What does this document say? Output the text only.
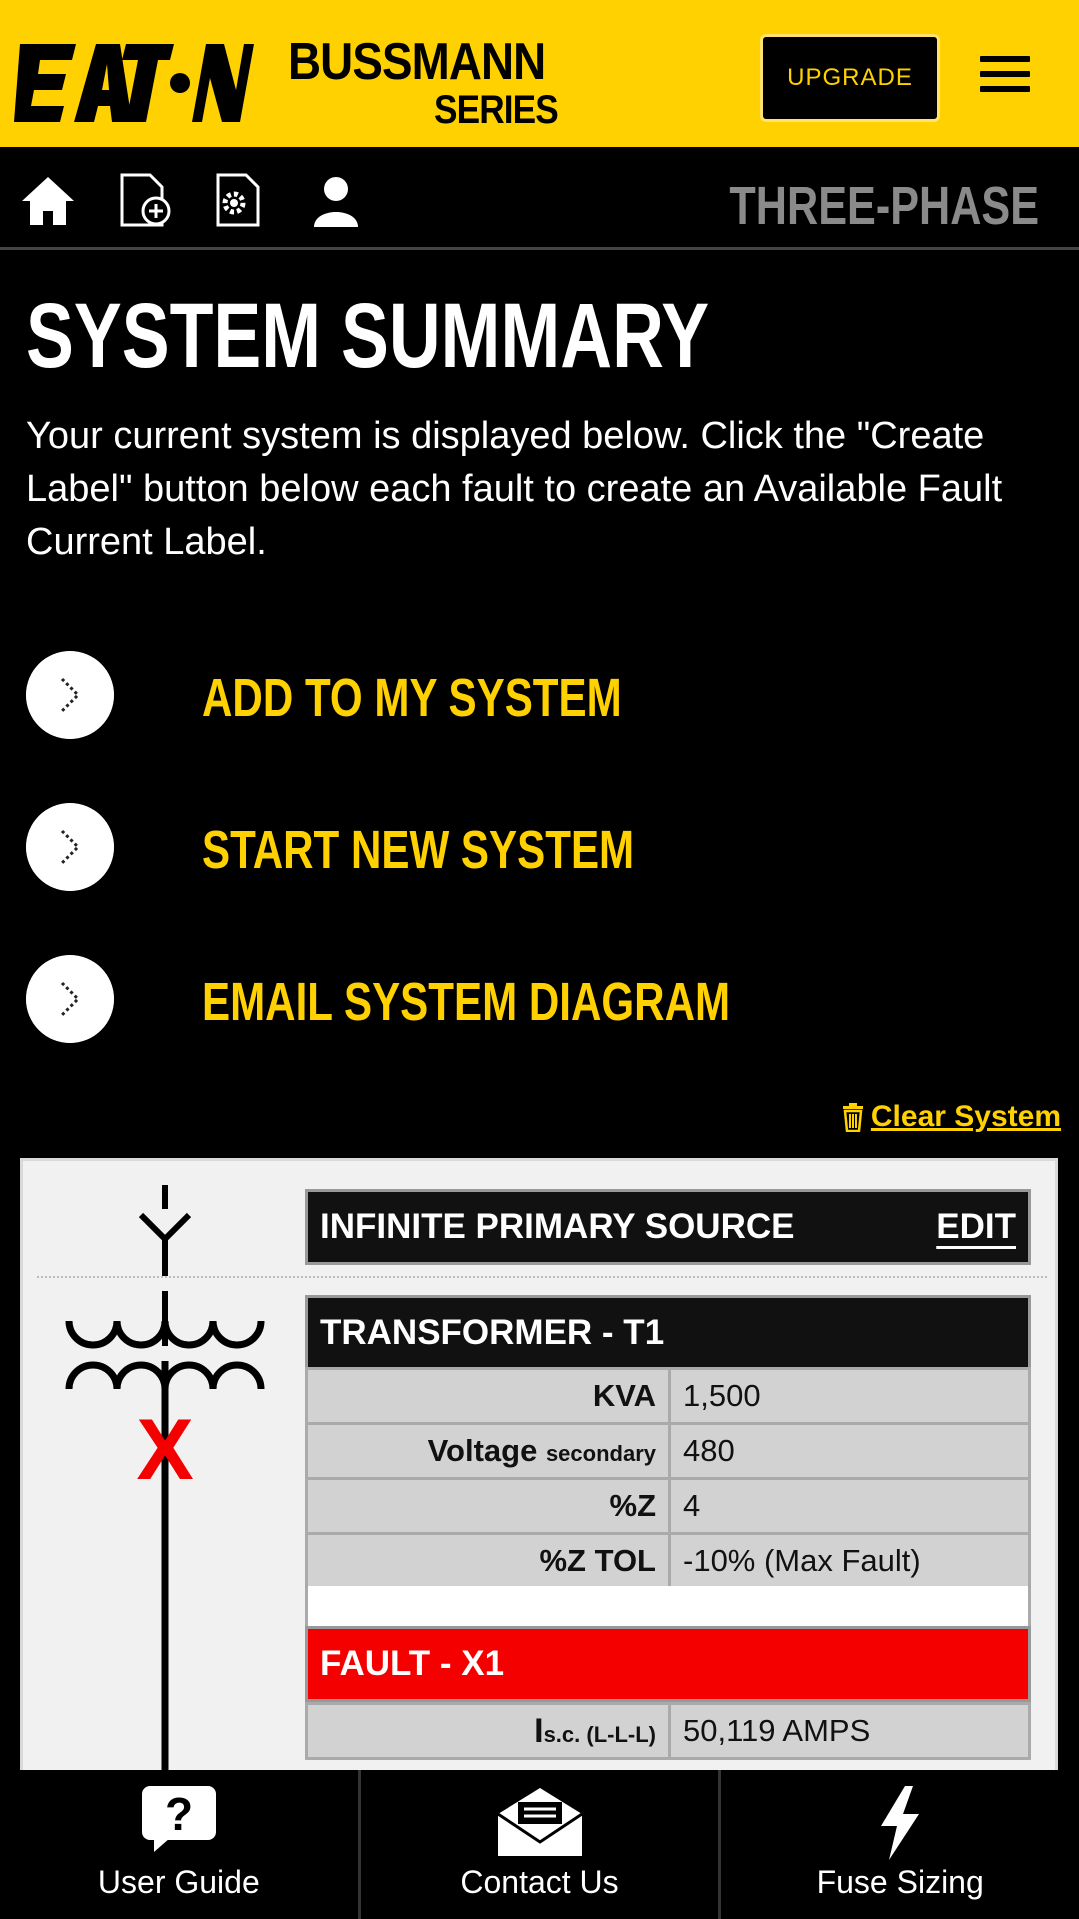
BUSSMANN
SERIES
UPGRADE
THREE-PHASE
SYSTEM SUMMARY

Your current system is displayed below. Click the "Create Label" button below each fault to create an Available Fault Current Label.

ADD TO MY SYSTEM
START NEW SYSTEM
EMAIL SYSTEM DIAGRAM
Clear System
X
INFINITE PRIMARY SOURCE	EDIT
TRANSFORMER - T1
KVA	1,500
Voltage secondary	480
%Z	4
%Z TOL	-10% (Max Fault)
FAULT - X1
Is.c. (L-L-L)	50,119 AMPS
?
User Guide	Contact Us	Fuse Sizing
